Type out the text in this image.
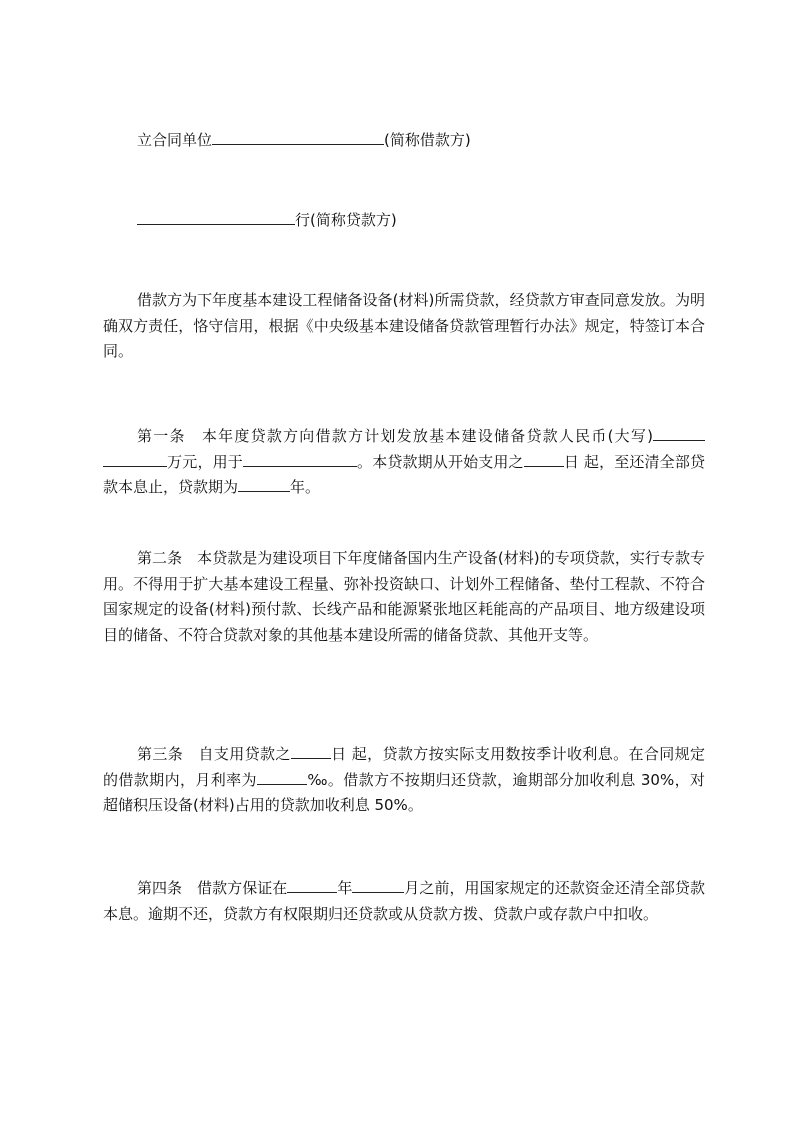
立合同单位	(简称借款方)
行(简称贷款方)
借款方为下年度基本建设工程储备设备(材料)所需贷款，经贷款方审查同意发放。为明确双方责任，恪守信用，根据《中央级基本建设储备贷款管理暂行办法》规定，特签订本合同。
第一条　 本年度贷款方向借款方计划发放基本建设储备贷款人民币(大写)万元，用于	。本贷款期从开始支用之	日 起，至还清全部贷款本息止，贷款期为	年。
第二条　 本贷款是为建设项目下年度储备国内生产设备(材料)的专项贷款，实行专款专用。不得用于扩大基本建设工程量、弥补投资缺口、计划外工程储备、垫付工程款、不符合国家规定的设备(材料)预付款、长线产品和能源紧张地区耗能高的产品项目、地方级建设项目的储备、不符合贷款对象的其他基本建设所需的储备贷款、其他开支等。
第三条　 自支用贷款之	日 起，贷款方按实际支用数按季计收利息。在合同规定的借款期内，月利率为	‰。借款方不按期归还贷款，逾期部分加收利息 30%，对超储积压设备(材料)占用的贷款加收利息 50%。
第四条　 借款方保证在	年	月之前，用国家规定的还款资金还清全部贷款本息。逾期不还，贷款方有权限期归还贷款或从贷款方拨、贷款户或存款户中扣收。
